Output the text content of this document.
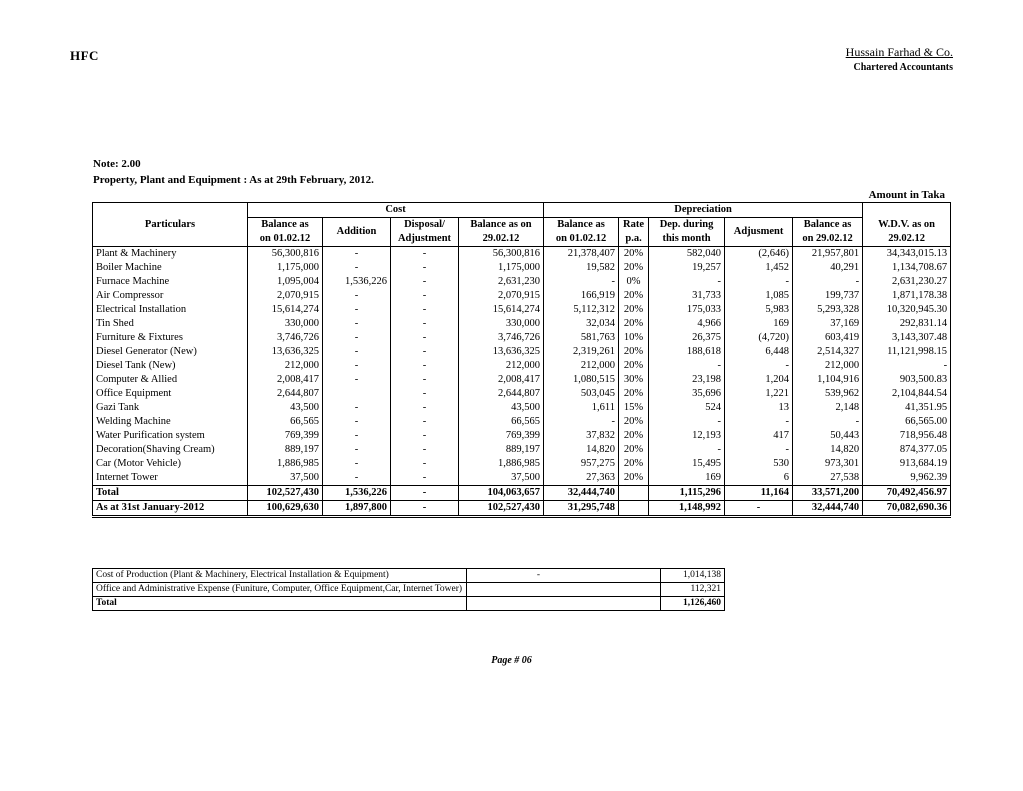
HFC	Hussain Farhad & Co.
Chartered Accountants
Note: 2.00
Property, Plant and Equipment : As at 29th February, 2012.
Amount in Taka
	Cost				Depreciation					
Particulars	Balance as	Addition	Disposal/	Balance as on	Balance as	Rate	Dep. during	Adjusment	Balance as	W.D.V. as on
	on 01.02.12		Adjustment	29.02.12	on 01.02.12	p.a.	this month		on 29.02.12	29.02.12
Plant & Machinery	56,300,816	-	-	56,300,816	21,378,407	20%	582,040	(2,646)	21,957,801	34,343,015.13
Boiler Machine	1,175,000	-	-	1,175,000	19,582	20%	19,257	1,452	40,291	1,134,708.67
Furnace Machine	1,095,004	1,536,226	-	2,631,230	-	0%	-	-	-	2,631,230.27
Air Compressor	2,070,915	-	-	2,070,915	166,919	20%	31,733	1,085	199,737	1,871,178.38
Electrical Installation	15,614,274	-	-	15,614,274	5,112,312	20%	175,033	5,983	5,293,328	10,320,945.30
Tin Shed	330,000	-	-	330,000	32,034	20%	4,966	169	37,169	292,831.14
Furniture & Fixtures	3,746,726	-	-	3,746,726	581,763	10%	26,375	(4,720)	603,419	3,143,307.48
Diesel Generator (New)	13,636,325	-	-	13,636,325	2,319,261	20%	188,618	6,448	2,514,327	11,121,998.15
Diesel Tank (New)	212,000	-	-	212,000	212,000	20%	-	-	212,000	-
Computer & Allied	2,008,417	-	-	2,008,417	1,080,515	30%	23,198	1,204	1,104,916	903,500.83
Office Equipment	2,644,807		-	2,644,807	503,045	20%	35,696	1,221	539,962	2,104,844.54
Gazi Tank	43,500	-	-	43,500	1,611	15%	524	13	2,148	41,351.95
Welding Machine	66,565	-	-	66,565	-	20%	-	-	-	66,565.00
Water Purification system	769,399	-	-	769,399	37,832	20%	12,193	417	50,443	718,956.48
Decoration(Shaving Cream)	889,197	-	-	889,197	14,820	20%	-	-	14,820	874,377.05
Car (Motor Vehicle)	1,886,985	-	-	1,886,985	957,275	20%	15,495	530	973,301	913,684.19
Internet Tower	37,500	-	-	37,500	27,363	20%	169	6	27,538	9,962.39
Total	102,527,430	1,536,226	-	104,063,657	32,444,740		1,115,296	11,164	33,571,200	70,492,456.97
As at 31st January-2012	100,629,630	1,897,800	-	102,527,430	31,295,748		1,148,992	-	32,444,740	70,082,690.36
Cost of Production (Plant & Machinery, Electrical Installation & Equipment)	-	1,014,138
Office and Administrative Expense (Funiture, Computer, Office Equipment,Car, Internet Tower)		112,321
Total		1,126,460
Page # 06
